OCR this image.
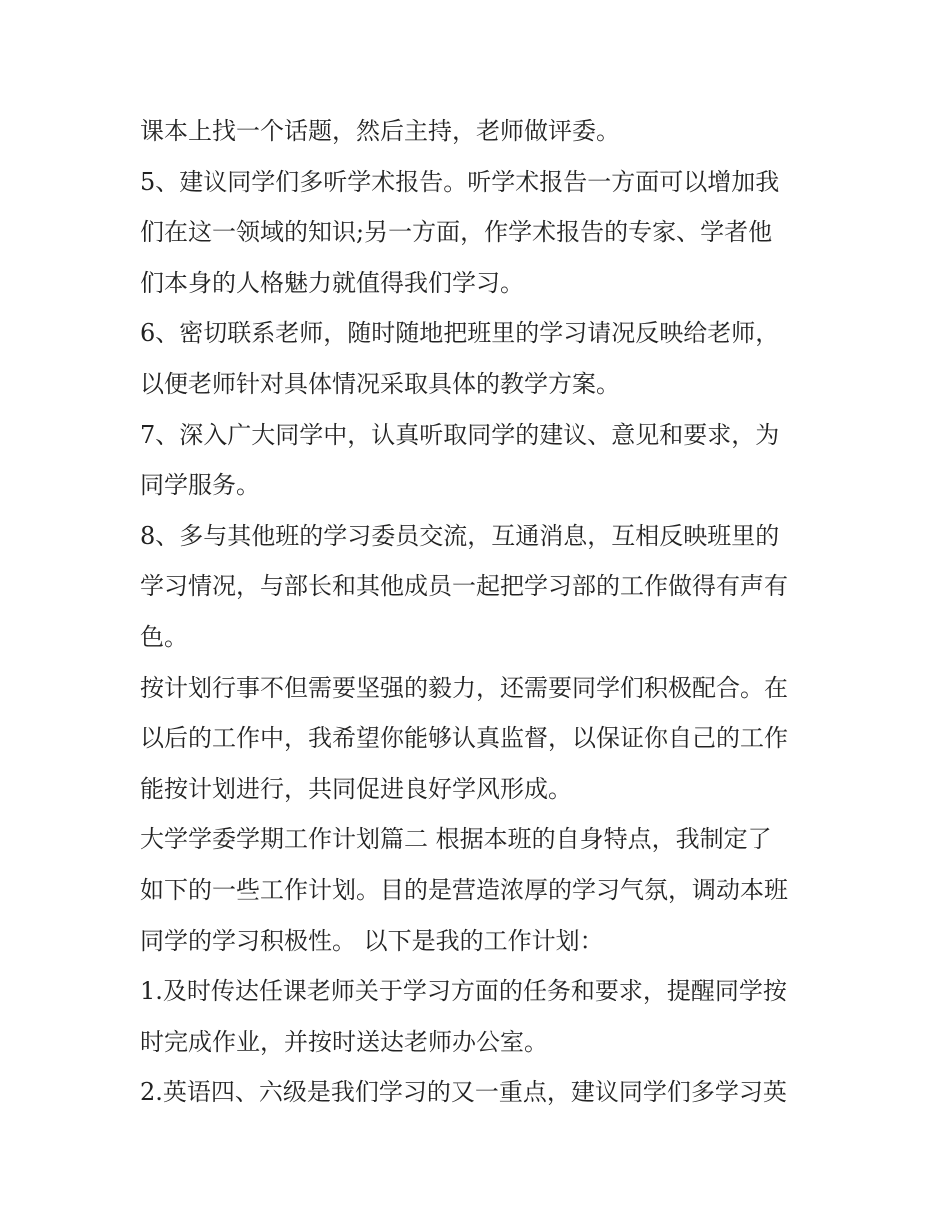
课本上找一个话题，然后主持，老师做评委。

5、建议同学们多听学术报告。听学术报告一方面可以增加我

们在这一领域的知识;另一方面，作学术报告的专家、学者他

们本身的人格魅力就值得我们学习。

6、密切联系老师，随时随地把班里的学习请况反映给老师，

以便老师针对具体情况采取具体的教学方案。

7、深入广大同学中，认真听取同学的建议、意见和要求，为

同学服务。

8、多与其他班的学习委员交流，互通消息，互相反映班里的

学习情况，与部长和其他成员一起把学习部的工作做得有声有

色。

按计划行事不但需要坚强的毅力，还需要同学们积极配合。在

以后的工作中，我希望你能够认真监督，以保证你自己的工作

能按计划进行，共同促进良好学风形成。

大学学委学期工作计划篇二 根据本班的自身特点，我制定了

如下的一些工作计划。目的是营造浓厚的学习气氛，调动本班

同学的学习积极性。 以下是我的工作计划：

1.及时传达任课老师关于学习方面的任务和要求，提醒同学按

时完成作业，并按时送达老师办公室。

2.英语四、六级是我们学习的又一重点，建议同学们多学习英
